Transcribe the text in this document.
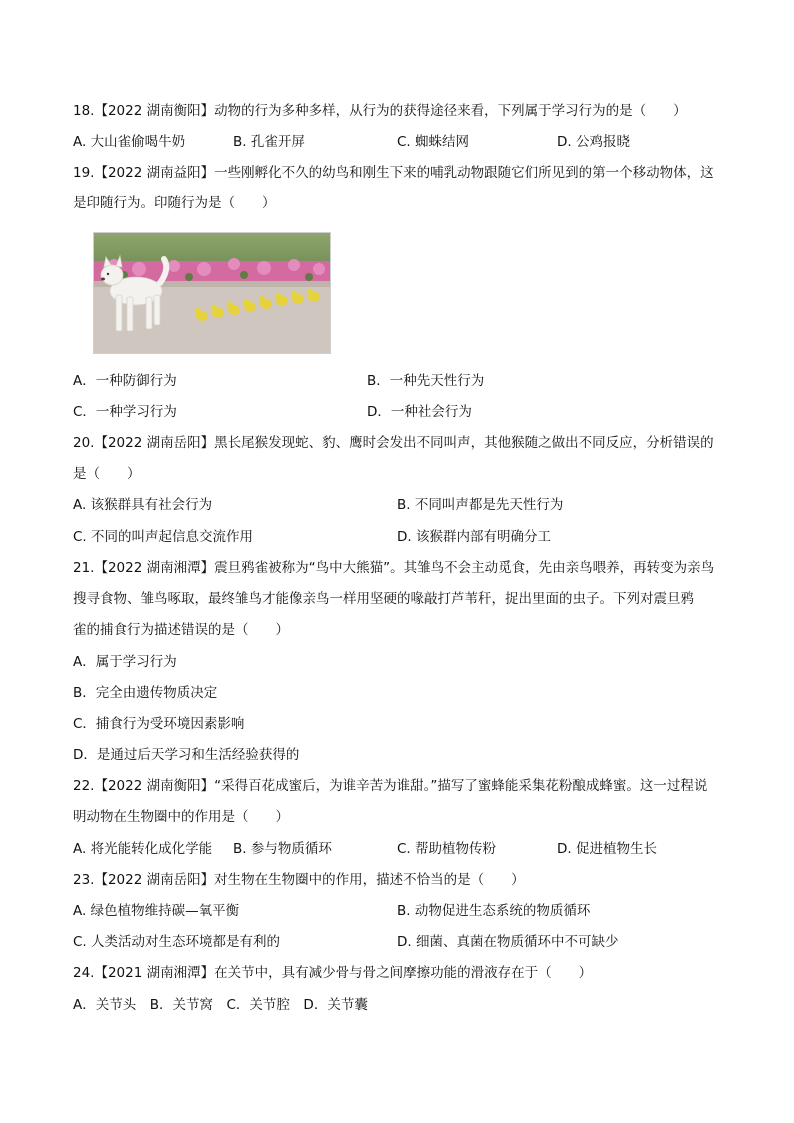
18.【2022 湖南衡阳】动物的行为多种多样，从行为的获得途径来看，下列属于学习行为的是（　　）
A. 大山雀偷喝牛奶	B. 孔雀开屏	C. 蜘蛛结网	D. 公鸡报晓
19.【2022 湖南益阳】一些刚孵化不久的幼鸟和刚生下来的哺乳动物跟随它们所见到的第一个移动物体，这
是印随行为。印随行为是（　　）
A．一种防御行为	B．一种先天性行为
C．一种学习行为	D．一种社会行为
20.【2022 湖南岳阳】黑长尾猴发现蛇、豹、鹰时会发出不同叫声，其他猴随之做出不同反应，分析错误的
是（　　）
A. 该猴群具有社会行为	B. 不同叫声都是先天性行为
C. 不同的叫声起信息交流作用	D. 该猴群内部有明确分工
21.【2022 湖南湘潭】震旦鸦雀被称为“鸟中大熊猫”。其雏鸟不会主动觅食，先由亲鸟喂养，再转变为亲鸟
搜寻食物、雏鸟啄取，最终雏鸟才能像亲鸟一样用坚硬的喙敲打芦苇秆，捉出里面的虫子。下列对震旦鸦
雀的捕食行为描述错误的是（　　）
A．属于学习行为
B．完全由遗传物质决定
C．捕食行为受环境因素影响
D．是通过后天学习和生活经验获得的
22.【2022 湖南衡阳】“采得百花成蜜后，为谁辛苦为谁甜。”描写了蜜蜂能采集花粉酿成蜂蜜。这一过程说
明动物在生物圈中的作用是（　　）
A. 将光能转化成化学能 B. 参与物质循环	C. 帮助植物传粉	D. 促进植物生长
23.【2022 湖南岳阳】对生物在生物圈中的作用，描述不恰当的是（　　）
A. 绿色植物维持碳—氧平衡	B. 动物促进生态系统的物质循环
C. 人类活动对生态环境都是有利的	D. 细菌、真菌在物质循环中不可缺少
24.【2021 湖南湘潭】在关节中，具有减少骨与骨之间摩擦功能的滑液存在于（　　）
A．关节头　B．关节窝　C．关节腔　D．关节囊
